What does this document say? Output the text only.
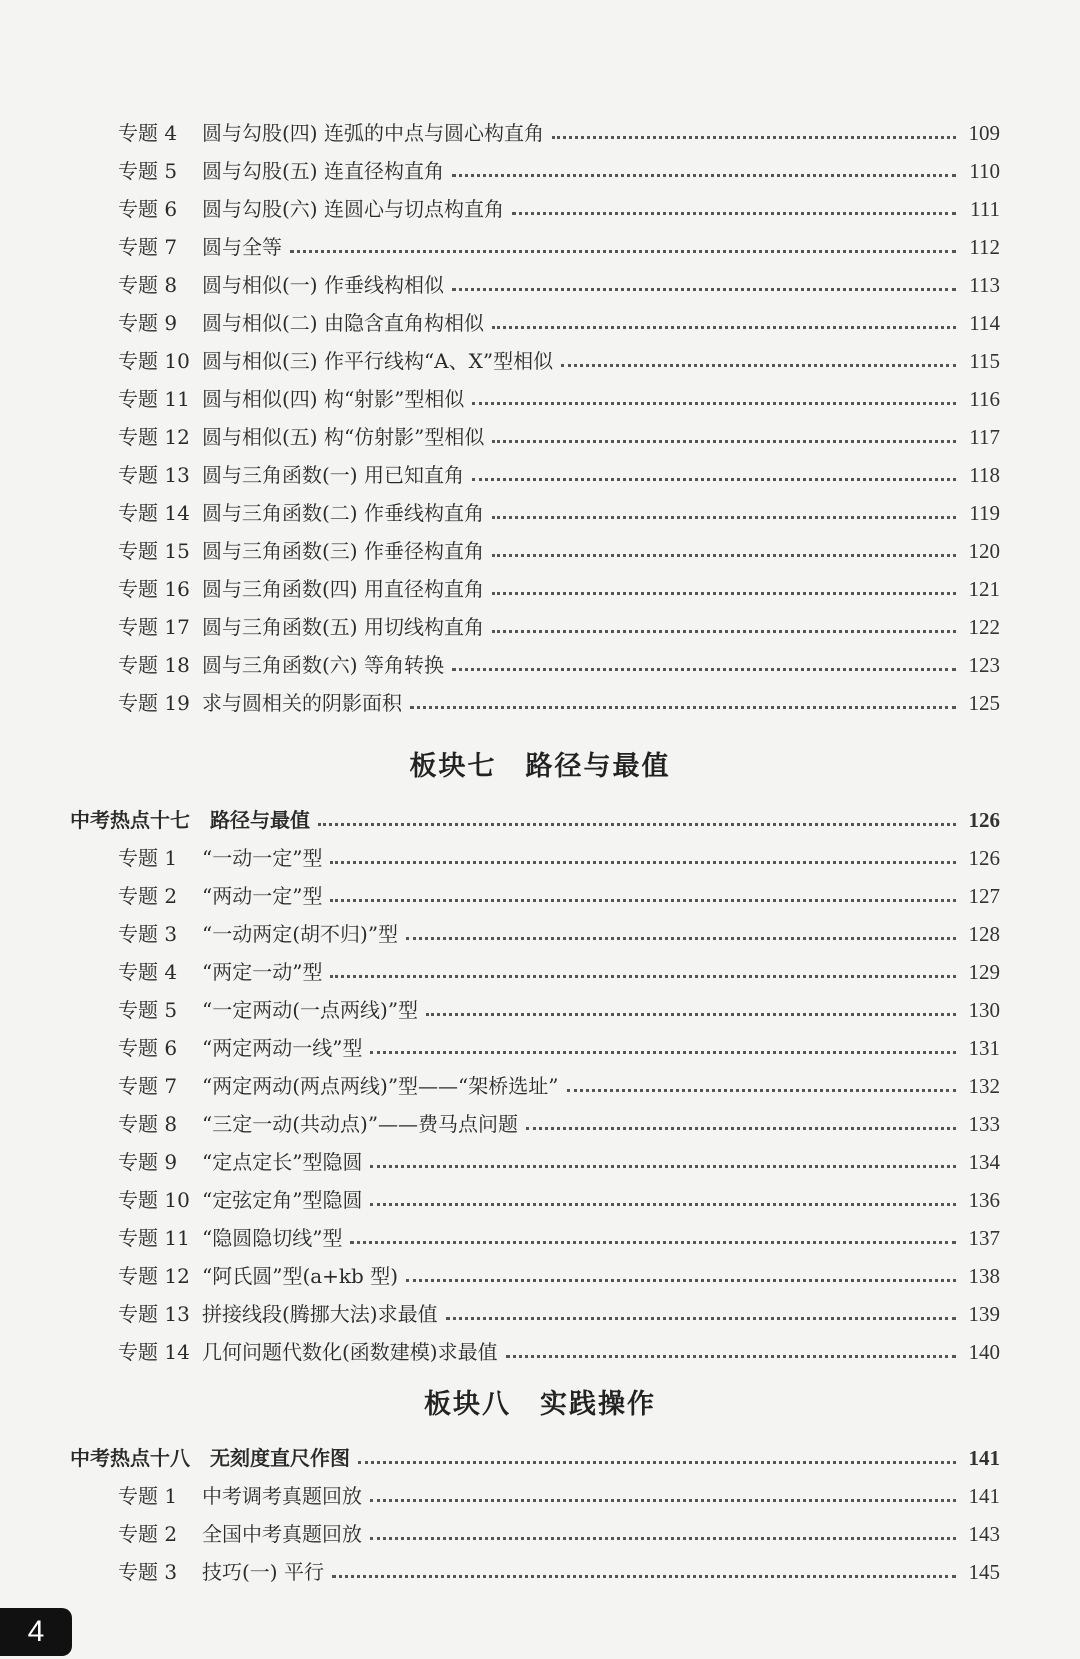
专题 4	圆与勾股(四) 连弧的中点与圆心构直角	109
专题 5	圆与勾股(五) 连直径构直角	110
专题 6	圆与勾股(六) 连圆心与切点构直角	111
专题 7	圆与全等	112
专题 8	圆与相似(一) 作垂线构相似	113
专题 9	圆与相似(二) 由隐含直角构相似	114
专题 10 圆与相似(三) 作平行线构“A、X”型相似	115
专题 11 圆与相似(四) 构“射影”型相似	116
专题 12 圆与相似(五) 构“仿射影”型相似	117
专题 13 圆与三角函数(一) 用已知直角	118
专题 14 圆与三角函数(二) 作垂线构直角	119
专题 15 圆与三角函数(三) 作垂径构直角	120
专题 16 圆与三角函数(四) 用直径构直角	121
专题 17 圆与三角函数(五) 用切线构直角	122
专题 18 圆与三角函数(六) 等角转换	123
专题 19 求与圆相关的阴影面积	125
板块七　路径与最值
中考热点十七　路径与最值	126
专题 1	“一动一定”型	126
专题 2	“两动一定”型	127
专题 3	“一动两定(胡不归)”型	128
专题 4	“两定一动”型	129
专题 5	“一定两动(一点两线)”型	130
专题 6	“两定两动一线”型	131
专题 7	“两定两动(两点两线)”型——“架桥选址”	132
专题 8	“三定一动(共动点)”——费马点问题	133
专题 9	“定点定长”型隐圆	134
专题 10 “定弦定角”型隐圆	136
专题 11 “隐圆隐切线”型	137
专题 12 “阿氏圆”型(a+kb 型)	138
专题 13 拼接线段(腾挪大法)求最值	139
专题 14 几何问题代数化(函数建模)求最值	140
板块八　实践操作
中考热点十八　无刻度直尺作图	141
专题 1	中考调考真题回放	141
专题 2	全国中考真题回放	143
专题 3	技巧(一) 平行	145
4
